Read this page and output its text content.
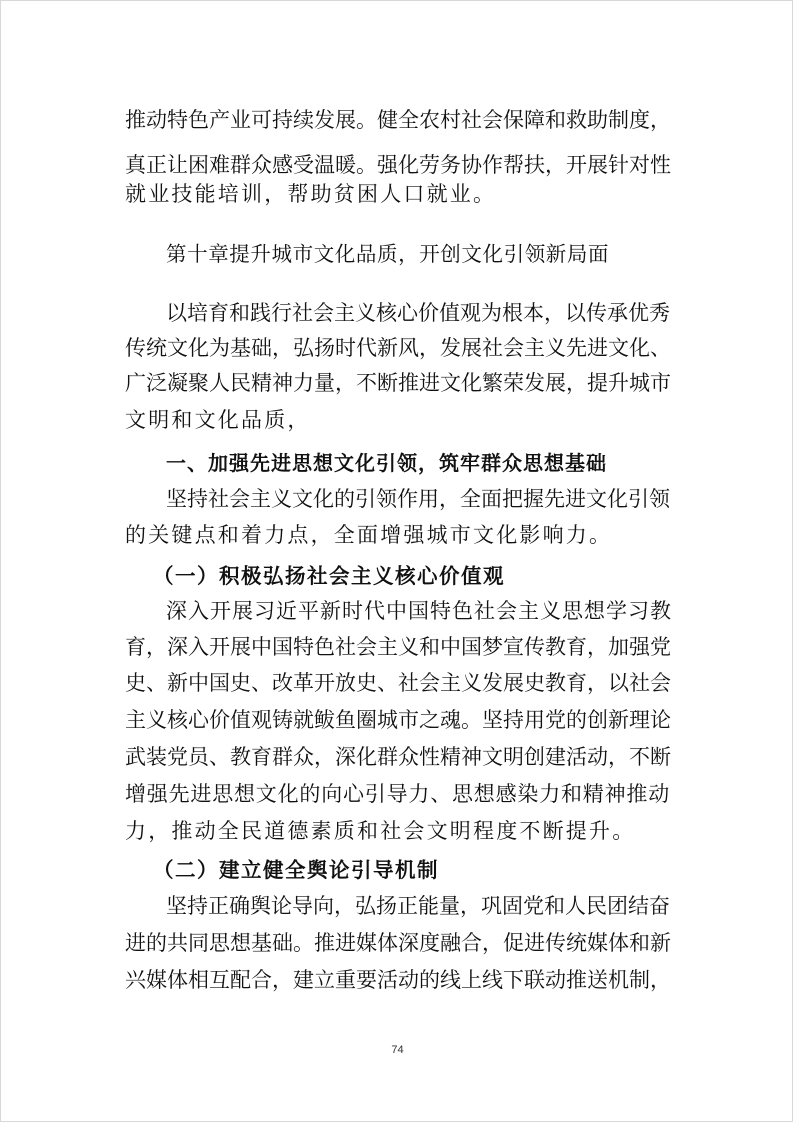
推动特色产业可持续发展。健全农村社会保障和救助制度，
真正让困难群众感受温暖。强化劳务协作帮扶，开展针对性
就业技能培训，帮助贫困人口就业。
第十章提升城市文化品质，开创文化引领新局面
以培育和践行社会主义核心价值观为根本，以传承优秀
传统文化为基础，弘扬时代新风，发展社会主义先进文化、
广泛凝聚人民精神力量，不断推进文化繁荣发展，提升城市
文明和文化品质，
一、加强先进思想文化引领，筑牢群众思想基础
坚持社会主义文化的引领作用，全面把握先进文化引领
的关键点和着力点，全面增强城市文化影响力。
（一）积极弘扬社会主义核心价值观
深入开展习近平新时代中国特色社会主义思想学习教
育，深入开展中国特色社会主义和中国梦宣传教育，加强党
史、新中国史、改革开放史、社会主义发展史教育，以社会
主义核心价值观铸就鲅鱼圈城市之魂。坚持用党的创新理论
武装党员、教育群众，深化群众性精神文明创建活动，不断
增强先进思想文化的向心引导力、思想感染力和精神推动
力，推动全民道德素质和社会文明程度不断提升。
（二）建立健全舆论引导机制
坚持正确舆论导向，弘扬正能量，巩固党和人民团结奋
进的共同思想基础。推进媒体深度融合，促进传统媒体和新
兴媒体相互配合，建立重要活动的线上线下联动推送机制，
74
